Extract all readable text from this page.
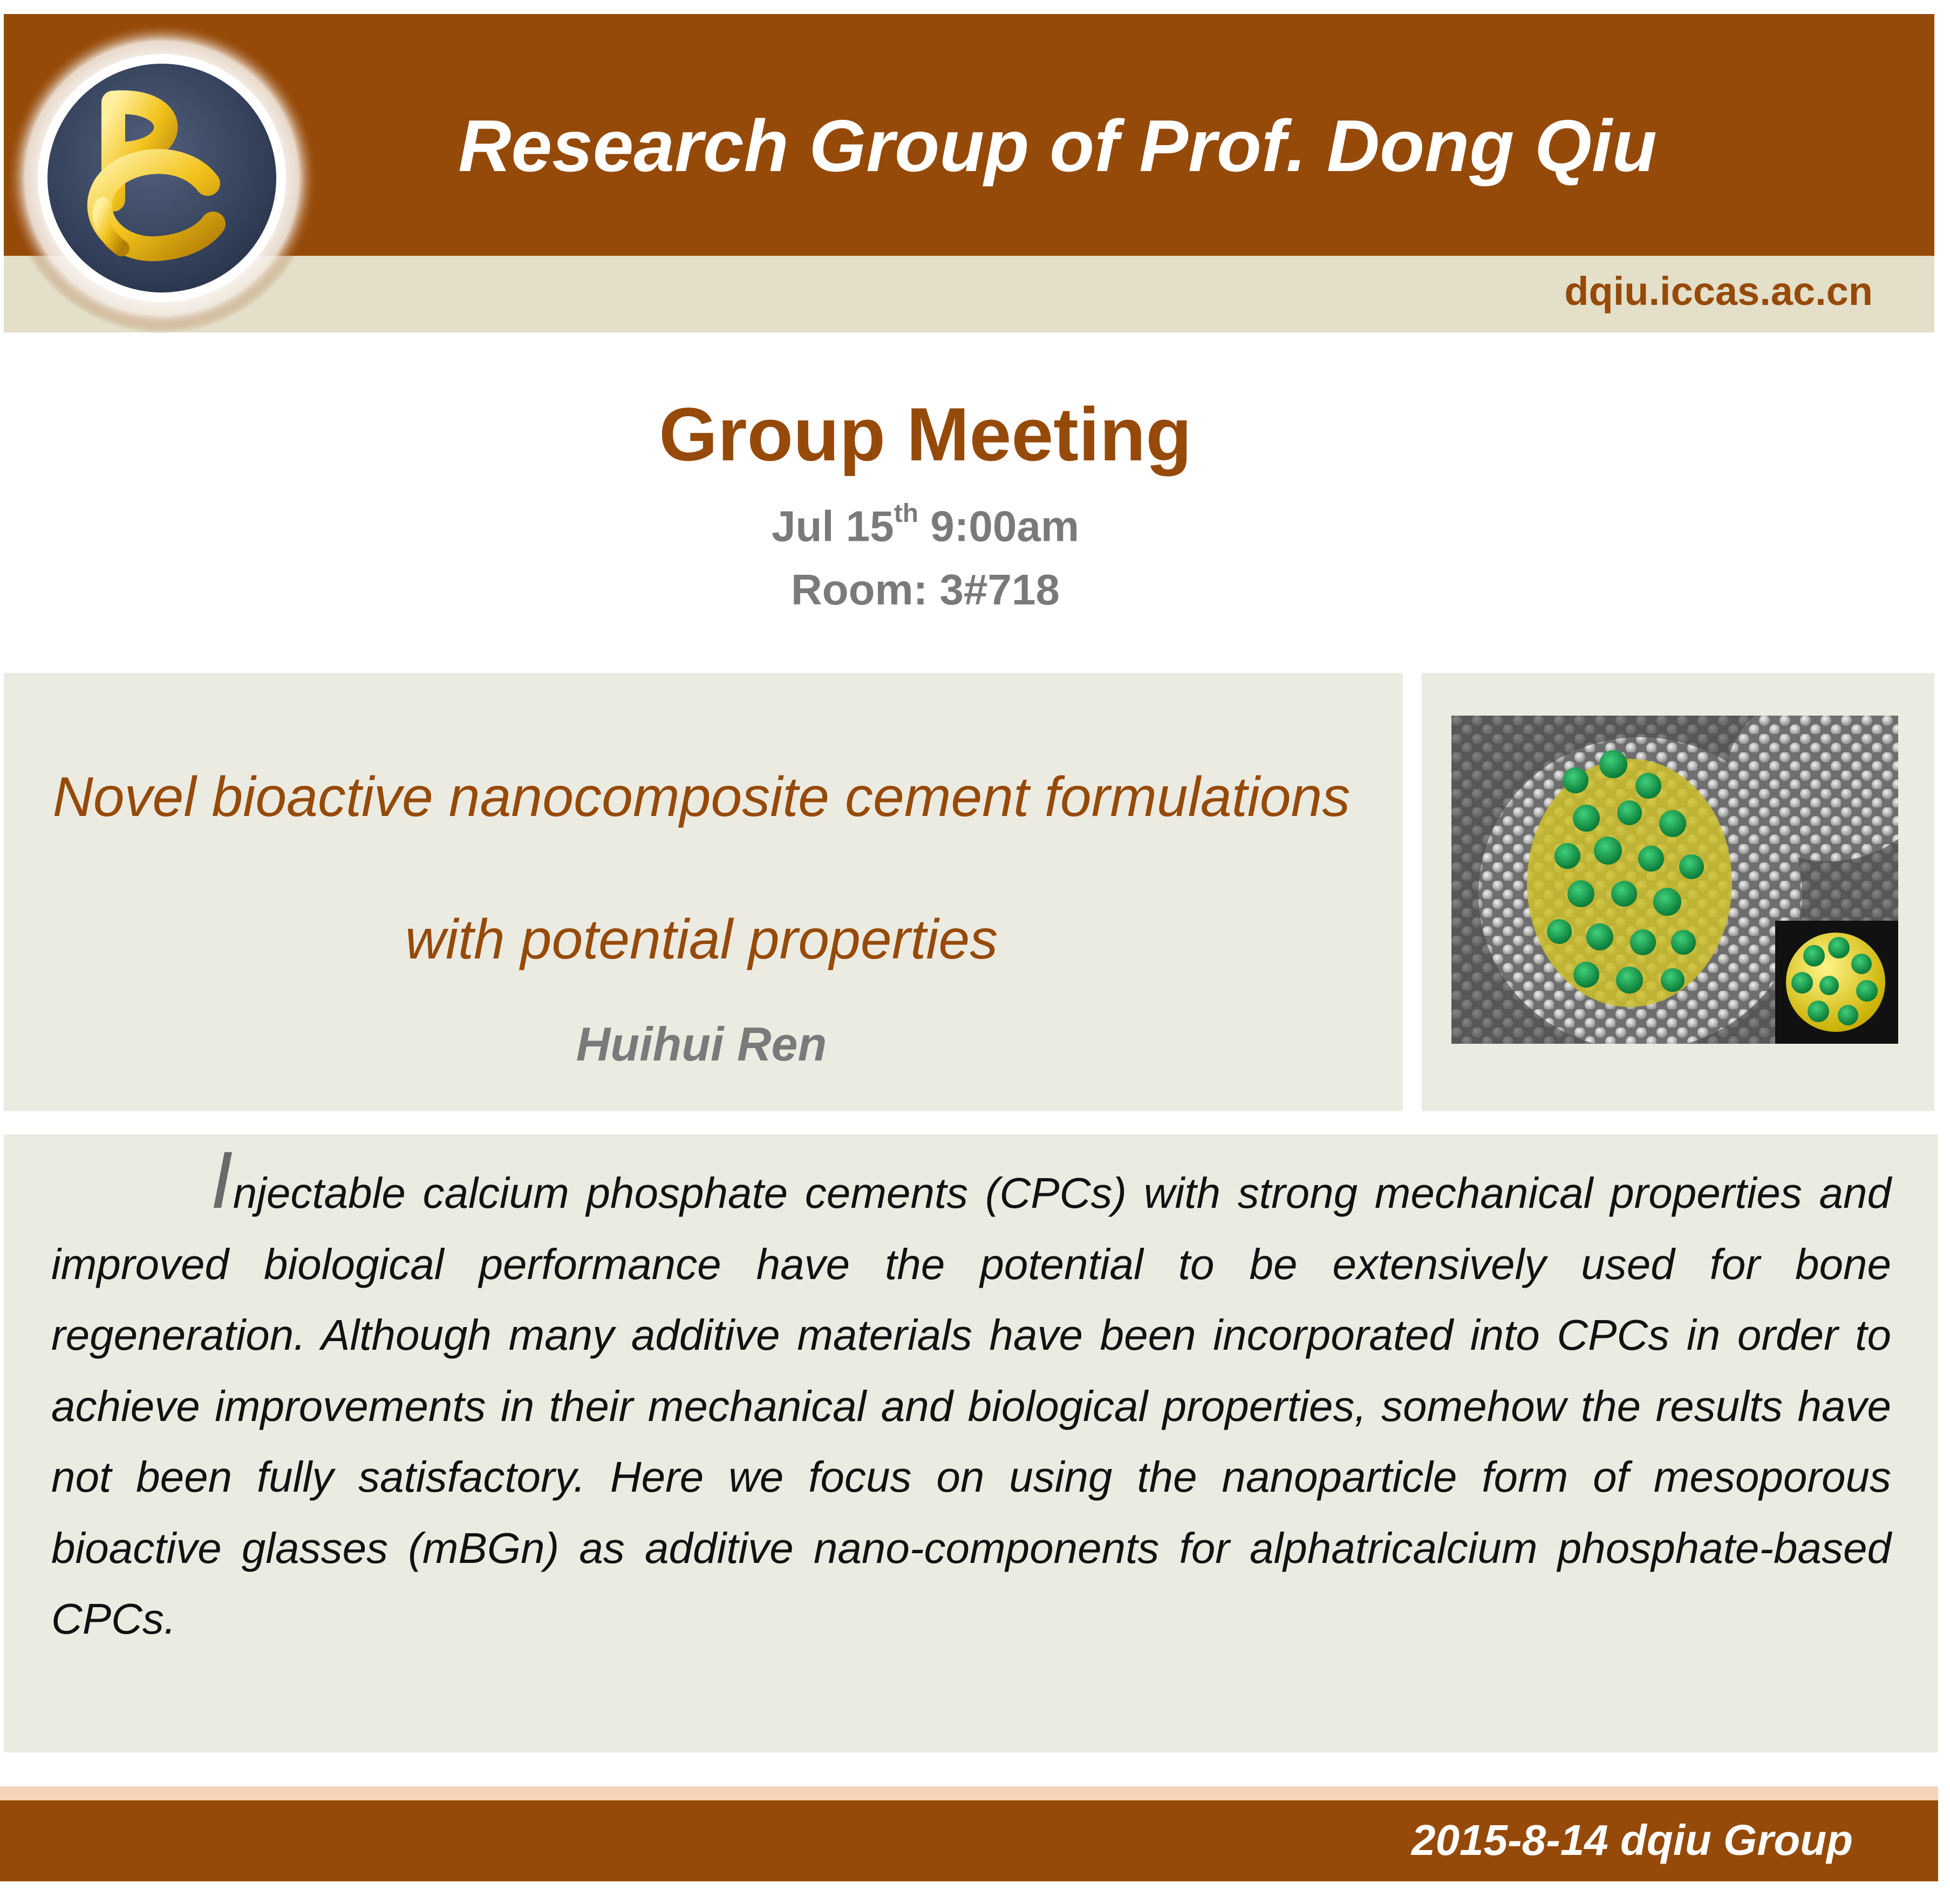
Research Group of Prof. Dong Qiu
dqiu.iccas.ac.cn
Group Meeting
Jul 15th 9:00am
Room: 3#718
Novel bioactive nanocomposite cement formulations with potential properties
Huihui Ren

Injectable calcium phosphate cements (CPCs) with strong mechanical properties and improved biological performance have the potential to be extensively used for bone regeneration. Although many additive materials have been incorporated into CPCs in order to achieve improvements in their mechanical and biological properties, somehow the results have not been fully satisfactory. Here we focus on using the nanoparticle form of mesoporous bioactive glasses (mBGn) as additive nano-components for alphatricalcium phosphate-based CPCs.

2015-8-14 dqiu Group
